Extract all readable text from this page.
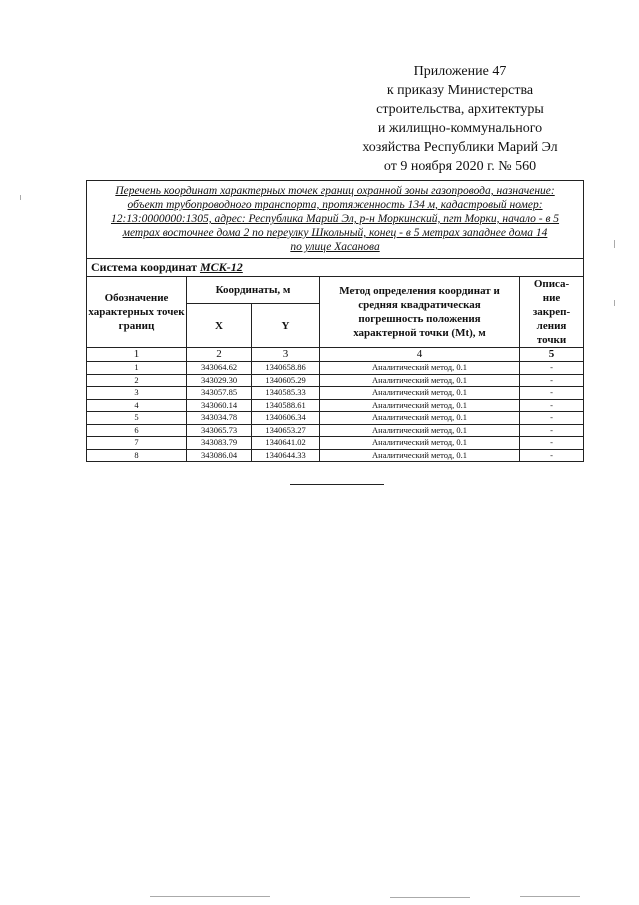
Приложение 47
к приказу Министерства
строительства, архитектуры
и жилищно-коммунального
хозяйства Республики Марий Эл
от 9 ноября 2020 г. № 560
Перечень координат характерных точек границ охранной зоны газопровода, назначение:
объект трубопроводного транспорта, протяженность 134 м, кадастровый номер:
12:13:0000000:1305, адрес: Республика Марий Эл, р-н Моркинский, пгт Морки, начало - в 5
метрах восточнее дома 2 по переулку Школьный, конец - в 5 метрах западнее дома 14
по улице Хасанова				

Система координат МСК-12				
Обозначение характерных точек границ	Координаты, м		Метод определения координат и средняя квадратическая погрешность положения характерной точки (Mt), м	Описа-ние закреп-ления точки
	X	Y		
1	2	3	4	5
1	343064.62	1340658.86	Аналитический метод, 0.1	-
2	343029.30	1340605.29	Аналитический метод, 0.1	-
3	343057.85	1340585.33	Аналитический метод, 0.1	-
4	343060.14	1340588.61	Аналитический метод, 0.1	-
5	343034.78	1340606.34	Аналитический метод, 0.1	-
6	343065.73	1340653.27	Аналитический метод, 0.1	-
7	343083.79	1340641.02	Аналитический метод, 0.1	-
8	343086.04	1340644.33	Аналитический метод, 0.1	-
